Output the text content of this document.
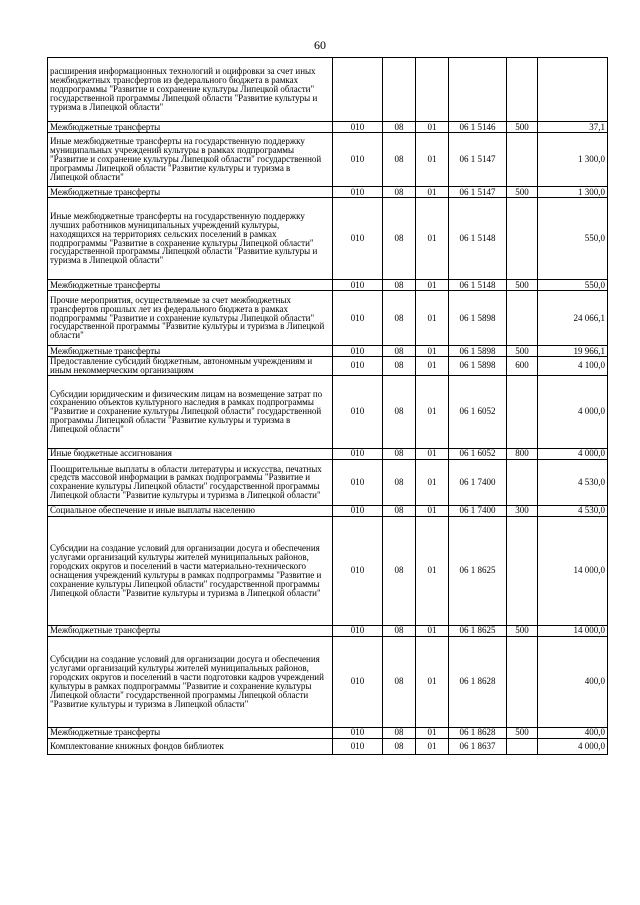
60
расширения информационных технологий и оцифровки за счет иных межбюджетных трансфертов из федерального бюджета в рамках подпрограммы "Развитие и сохранение культуры Липецкой области" государственной программы Липецкой области "Развитие культуры и туризма в Липецкой области"						
Межбюджетные трансферты	010	08	01	06 1 5146	500	37,1
Иные межбюджетные трансферты на государственную поддержку муниципальных учреждений культуры в рамках подпрограммы "Развитие и сохранение культуры Липецкой области" государственной программы Липецкой области "Развитие культуры и туризма в Липецкой области"	010	08	01	06 1 5147		1 300,0
Межбюджетные трансферты	010	08	01	06 1 5147	500	1 300,0
Иные межбюджетные трансферты на государственную поддержку лучших работников муниципальных учреждений культуры, находящихся на территориях сельских поселений в рамках подпрограммы "Развитие в сохранение культуры Липецкой области" государственной программы Липецкой области "Развитие культуры и туризма в Липецкой области"	010	08	01	06 1 5148		550,0
Межбюджетные трансферты	010	08	01	06 1 5148	500	550,0
Прочие мероприятия, осуществляемые за счет межбюджетных трансфертов прошлых лет из федерального бюджета в рамках подпрограммы "Развитие и сохранение культуры Липецкой области" государственной программы "Развитие культуры и туризма в Липецкой области"	010	08	01	06 1 5898		24 066,1
Межбюджетные трансферты	010	08	01	06 1 5898	500	19 966,1
Предоставление субсидий бюджетным, автономным учреждениям и иным некоммерческим организациям	010	08	01	06 1 5898	600	4 100,0
Субсидии юридическим и физическим лицам на возмещение затрат по сохранению объектов культурного наследия в рамках подпрограммы "Развитие и сохранение культуры Липецкой области" государственной программы Липецкой области "Развитие культуры и туризма в Липецкой области"	010	08	01	06 1 6052		4 000,0
Иные бюджетные ассигнования	010	08	01	06 1 6052	800	4 000,0
Поощрительные выплаты в области литературы и искусства, печатных средств массовой информации в рамках подпрограммы "Развитие и сохранение культуры Липецкой области" государственной программы Липецкой области "Развитие культуры и туризма в Липецкой области"	010	08	01	06 1 7400		4 530,0
Социальное обеспечение и иные выплаты населению	010	08	01	06 1 7400	300	4 530,0
Субсидии на создание условий для организации досуга и обеспечения услугами организаций культуры жителей муниципальных районов, городских округов и поселений в части материально-технического оснащения учреждений культуры в рамках подпрограммы "Развитие и сохранение культуры Липецкой области" государственной программы Липецкой области "Развитие культуры и туризма в Липецкой области"	010	08	01	06 1 8625		14 000,0
Межбюджетные трансферты	010	08	01	06 1 8625	500	14 000,0
Субсидии на создание условий для организации досуга и обеспечения услугами организаций культуры жителей муниципальных районов, городских округов и поселений в части подготовки кадров учреждений культуры в рамках подпрограммы "Развитие и сохранение культуры Липецкой области" государственной программы Липецкой области "Развитие культуры и туризма в Липецкой области"	010	08	01	06 1 8628		400,0
Межбюджетные трансферты	010	08	01	06 1 8628	500	400,0
Комплектование книжных фондов библиотек	010	08	01	06 1 8637		4 000,0
